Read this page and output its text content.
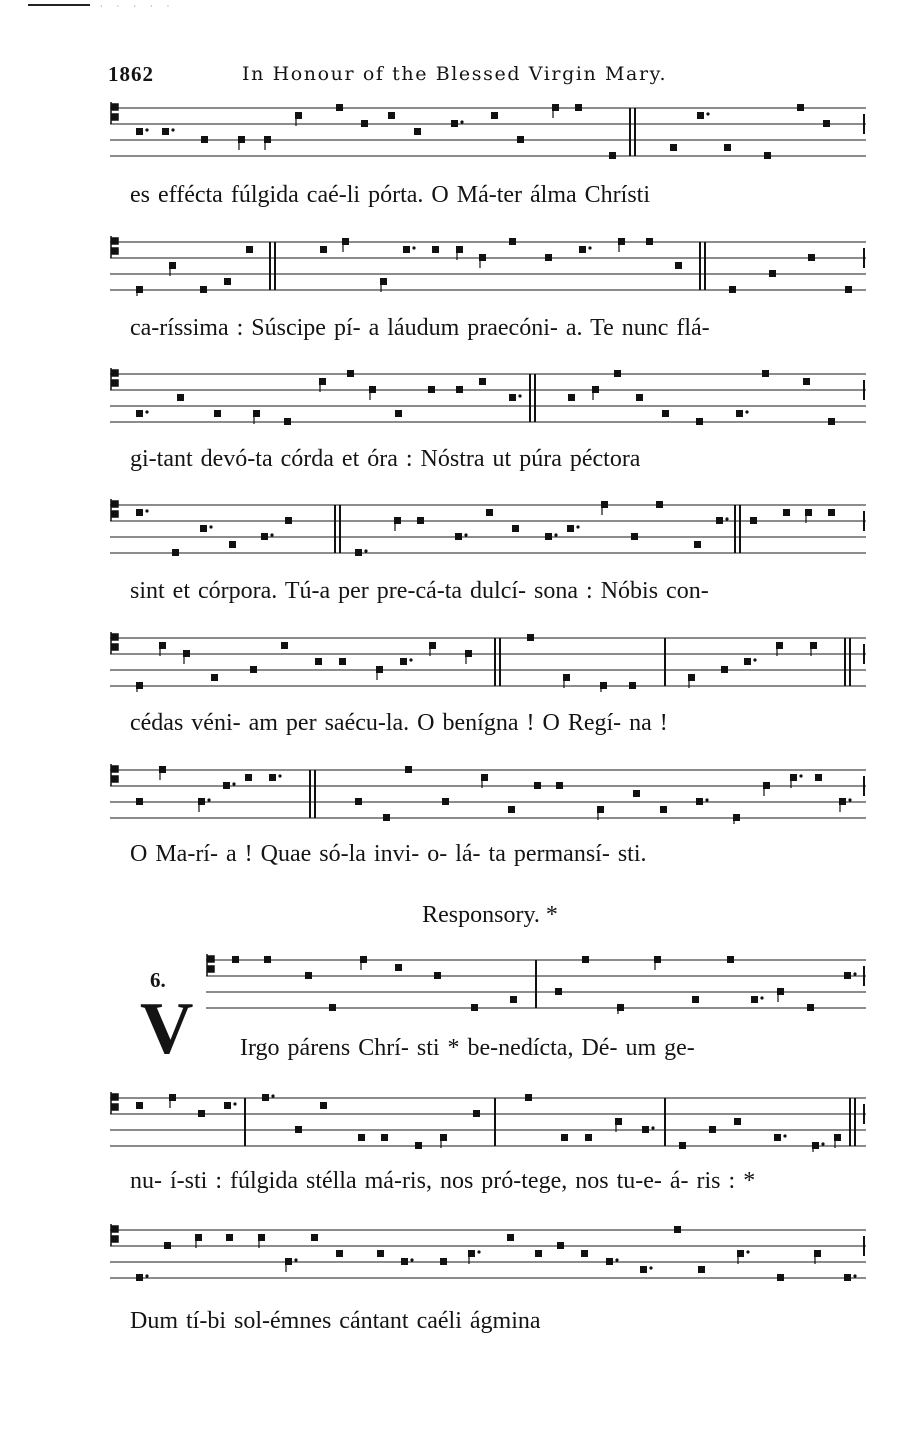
· · · · ·
1862	In Honour of the Blessed Virgin Mary.
es effécta fúlgida caé-li pórta. O Má-ter álma Chrísti
ca-ríssima : Súscipe pí- a láudum praecóni- a. Te nunc flá-
gi-tant devó-ta córda et óra : Nóstra ut púra péctora
sint et córpora. Tú-a per pre-cá-ta dulcí- sona : Nóbis con-
cédas véni- am per saécu-la. O benígna ! O Regí- na !
O Ma-rí- a ! Quae só-la invi- o- lá- ta permansí- sti.
Responsory. *
6.
V Irgo párens Chrí- sti * be-nedícta, Dé- um ge-
nu- í-sti : fúlgida stélla má-ris, nos pró-tege, nos tu-e- á- ris : *
Dum tí-bi sol-émnes cántant caéli ágmina
